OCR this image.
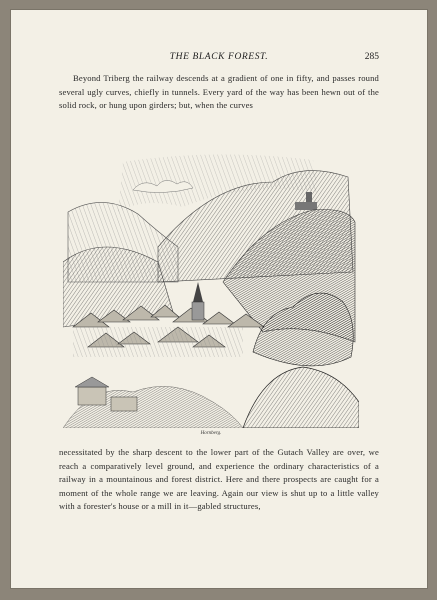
THE BLACK FOREST.	285
Beyond Triberg the railway descends at a gradient of one in fifty, and passes round several ugly curves, chiefly in tunnels. Every yard of the way has been hewn out of the solid rock, or hung upon girders; but, when the curves
Hornberg.
necessitated by the sharp descent to the lower part of the Gutach Valley are over, we reach a comparatively level ground, and experience the ordinary characteristics of a railway in a mountainous and forest district. Here and there prospects are caught for a moment of the whole range we are leaving. Again our view is shut up to a little valley with a forester's house or a mill in it—gabled structures,
